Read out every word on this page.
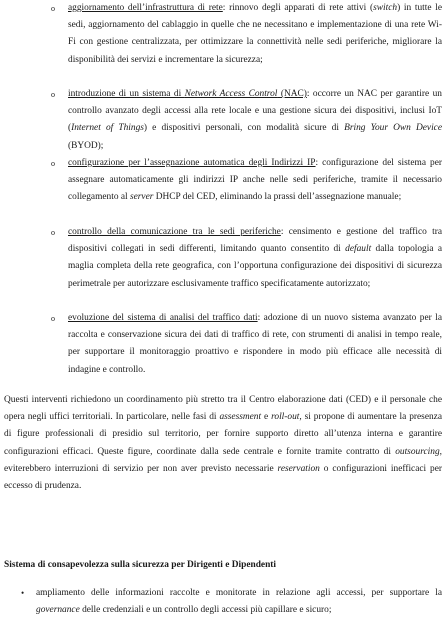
o aggiornamento dell’infrastruttura di rete: rinnovo degli apparati di rete attivi (switch) in tutte le sedi, aggiornamento del cablaggio in quelle che ne necessitano e implementazione di una rete Wi-Fi con gestione centralizzata, per ottimizzare la connettività nelle sedi periferiche, migliorare la disponibilità dei servizi e incrementare la sicurezza;
o introduzione di un sistema di Network Access Control (NAC): occorre un NAC per garantire un controllo avanzato degli accessi alla rete locale e una gestione sicura dei dispositivi, inclusi IoT (Internet of Things) e dispositivi personali, con modalità sicure di Bring Your Own Device (BYOD);
o configurazione per l’assegnazione automatica degli Indirizzi IP: configurazione del sistema per assegnare automaticamente gli indirizzi IP anche nelle sedi periferiche, tramite il necessario collegamento al server DHCP del CED, eliminando la prassi dell’assegnazione manuale;
o controllo della comunicazione tra le sedi periferiche: censimento e gestione del traffico tra dispositivi collegati in sedi differenti, limitando quanto consentito di default dalla topologia a maglia completa della rete geografica, con l’opportuna configurazione dei dispositivi di sicurezza perimetrale per autorizzare esclusivamente traffico specificatamente autorizzato;
o evoluzione del sistema di analisi del traffico dati: adozione di un nuovo sistema avanzato per la raccolta e conservazione sicura dei dati di traffico di rete, con strumenti di analisi in tempo reale, per supportare il monitoraggio proattivo e rispondere in modo più efficace alle necessità di indagine e controllo.
Questi interventi richiedono un coordinamento più stretto tra il Centro elaborazione dati (CED) e il personale che opera negli uffici territoriali. In particolare, nelle fasi di assessment e roll-out, si propone di aumentare la presenza di figure professionali di presidio sul territorio, per fornire supporto diretto all’utenza interna e garantire configurazioni efficaci. Queste figure, coordinate dalla sede centrale e fornite tramite contratto di outsourcing, eviterebbero interruzioni di servizio per non aver previsto necessarie reservation o configurazioni inefficaci per eccesso di prudenza.
Sistema di consapevolezza sulla sicurezza per Dirigenti e Dipendenti
• ampliamento delle informazioni raccolte e monitorate in relazione agli accessi, per supportare la governance delle credenziali e un controllo degli accessi più capillare e sicuro;
